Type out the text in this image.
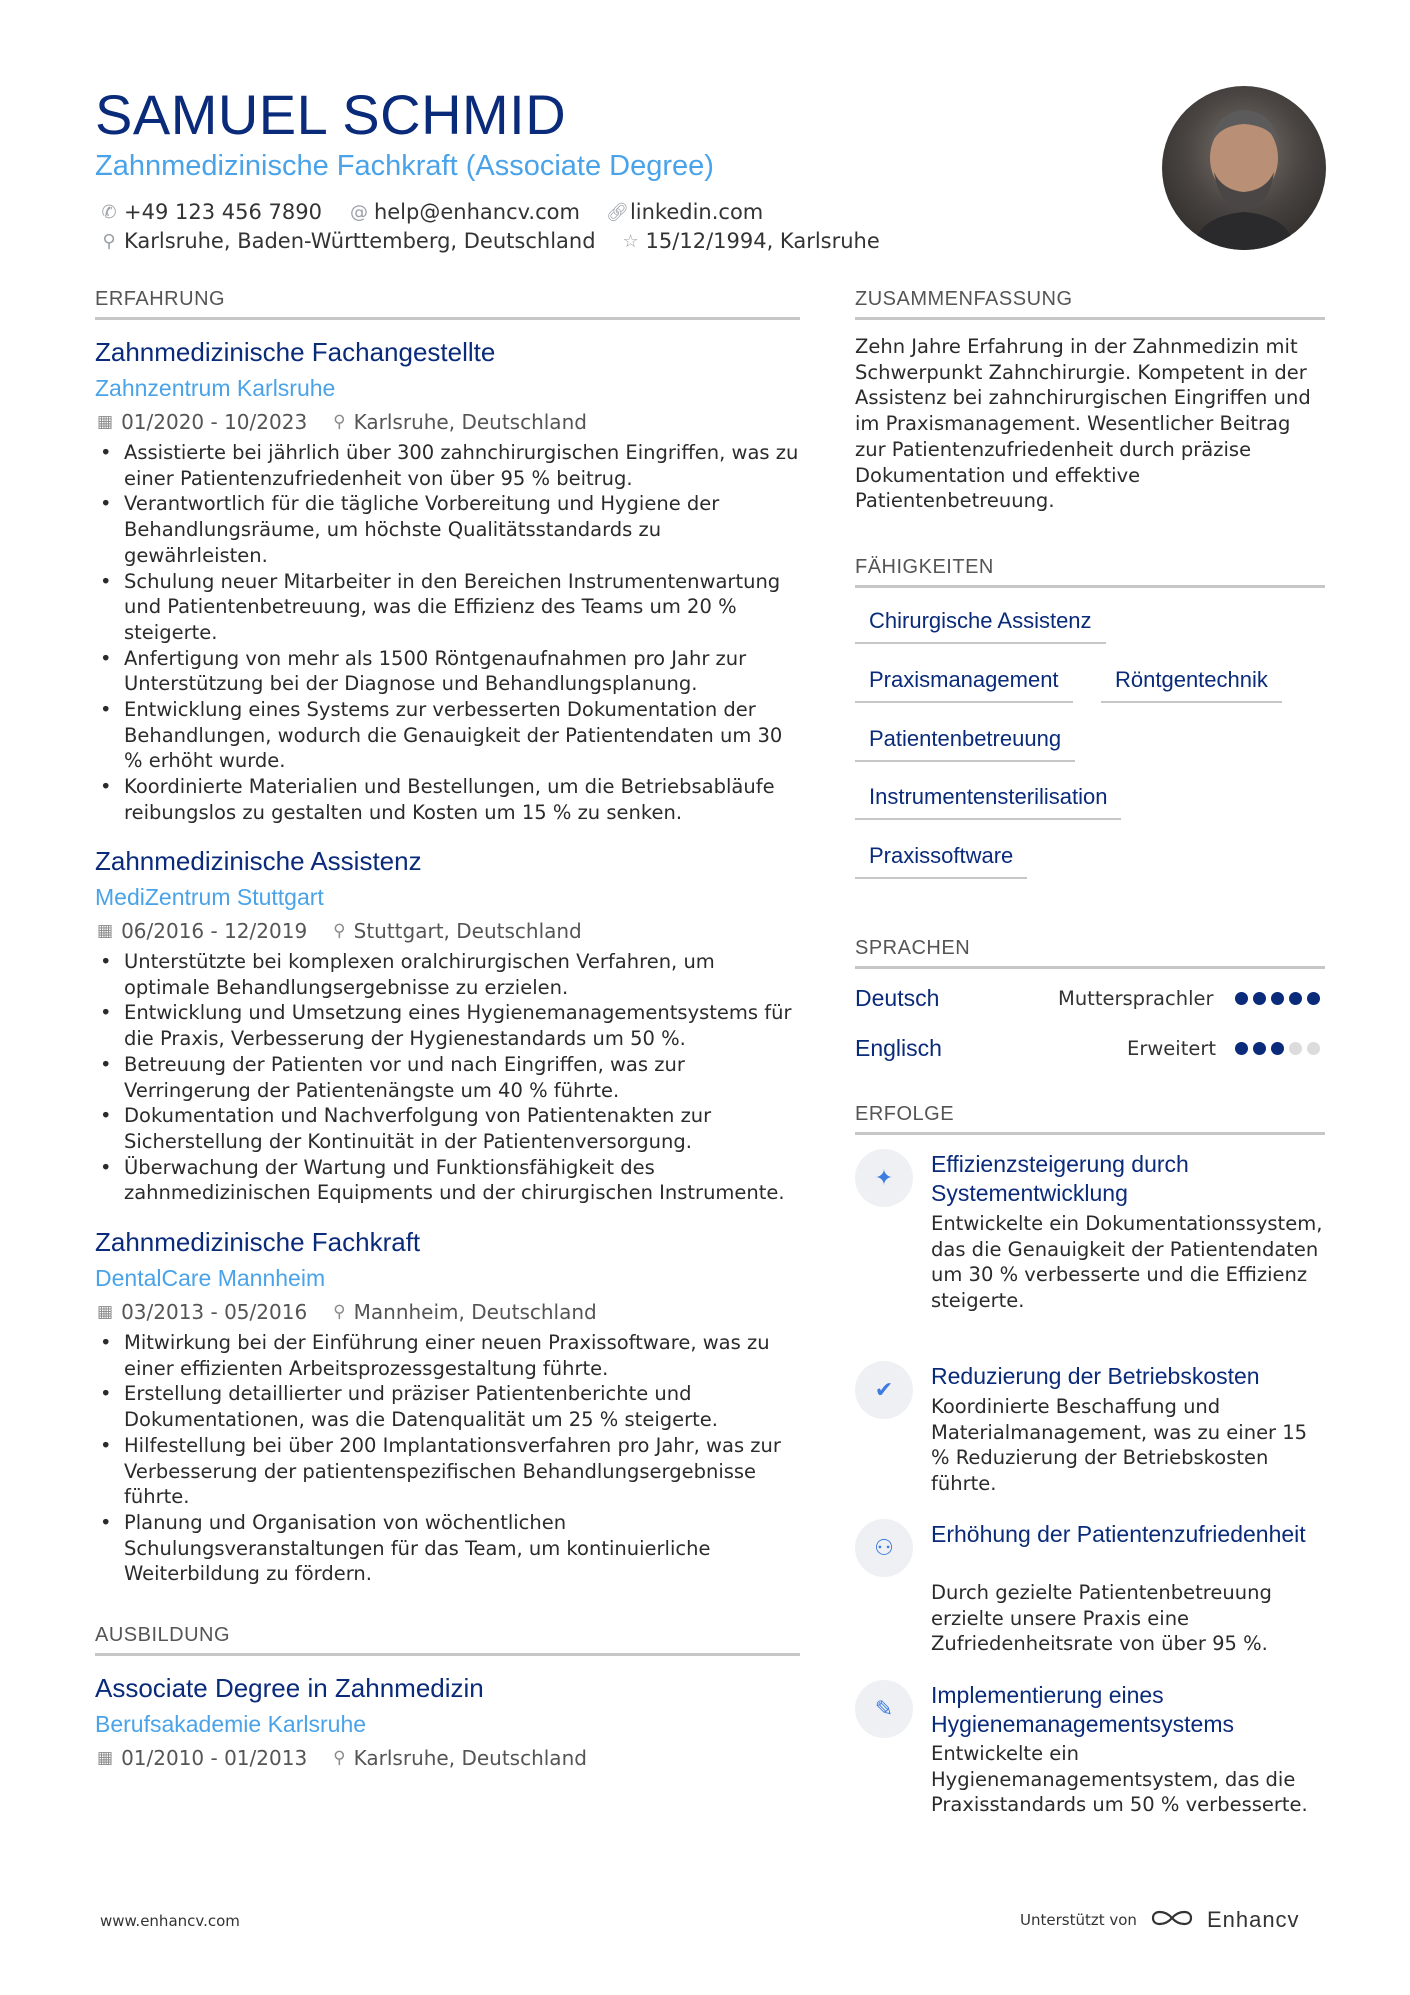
SAMUEL SCHMID
Zahnmedizinische Fachkraft (Associate Degree)
✆ +49 123 456 7890 @ help@enhancv.com 🔗︎ linkedin.com
⚲ Karlsruhe, Baden-Württemberg, Deutschland ☆ 15/12/1994, Karlsruhe
ERFAHRUNG
Zahnmedizinische Fachangestellte
Zahnzentrum Karlsruhe
▦ 01/2020 - 10/2023 ⚲ Karlsruhe, Deutschland
• Assistierte bei jährlich über 300 zahnchirurgischen Eingriffen, was zu einer Patientenzufriedenheit von über 95 % beitrug.
• Verantwortlich für die tägliche Vorbereitung und Hygiene der Behandlungsräume, um höchste Qualitätsstandards zu gewährleisten.
• Schulung neuer Mitarbeiter in den Bereichen Instrumentenwartung und Patientenbetreuung, was die Effizienz des Teams um 20 % steigerte.
• Anfertigung von mehr als 1500 Röntgenaufnahmen pro Jahr zur Unterstützung bei der Diagnose und Behandlungsplanung.
• Entwicklung eines Systems zur verbesserten Dokumentation der Behandlungen, wodurch die Genauigkeit der Patientendaten um 30 % erhöht wurde.
• Koordinierte Materialien und Bestellungen, um die Betriebsabläufe reibungslos zu gestalten und Kosten um 15 % zu senken.
Zahnmedizinische Assistenz
MediZentrum Stuttgart
▦ 06/2016 - 12/2019 ⚲ Stuttgart, Deutschland
• Unterstützte bei komplexen oralchirurgischen Verfahren, um optimale Behandlungsergebnisse zu erzielen.
• Entwicklung und Umsetzung eines Hygienemanagementsystems für die Praxis, Verbesserung der Hygienestandards um 50 %.
• Betreuung der Patienten vor und nach Eingriffen, was zur Verringerung der Patientenängste um 40 % führte.
• Dokumentation und Nachverfolgung von Patientenakten zur Sicherstellung der Kontinuität in der Patientenversorgung.
• Überwachung der Wartung und Funktionsfähigkeit des zahnmedizinischen Equipments und der chirurgischen Instrumente.
Zahnmedizinische Fachkraft
DentalCare Mannheim
▦ 03/2013 - 05/2016 ⚲ Mannheim, Deutschland
• Mitwirkung bei der Einführung einer neuen Praxissoftware, was zu einer effizienten Arbeitsprozessgestaltung führte.
• Erstellung detaillierter und präziser Patientenberichte und Dokumentationen, was die Datenqualität um 25 % steigerte.
• Hilfestellung bei über 200 Implantationsverfahren pro Jahr, was zur Verbesserung der patientenspezifischen Behandlungsergebnisse führte.
• Planung und Organisation von wöchentlichen Schulungsveranstaltungen für das Team, um kontinuierliche Weiterbildung zu fördern.
AUSBILDUNG
Associate Degree in Zahnmedizin
Berufsakademie Karlsruhe
▦ 01/2010 - 01/2013 ⚲ Karlsruhe, Deutschland
ZUSAMMENFASSUNG
Zehn Jahre Erfahrung in der Zahnmedizin mit Schwerpunkt Zahnchirurgie. Kompetent in der Assistenz bei zahnchirurgischen Eingriffen und im Praxismanagement. Wesentlicher Beitrag zur Patientenzufriedenheit durch präzise Dokumentation und effektive Patientenbetreuung.
FÄHIGKEITEN
Chirurgische Assistenz
Praxismanagement	Röntgentechnik
Patientenbetreuung
Instrumentensterilisation
Praxissoftware
SPRACHEN
Deutsch	Muttersprachler
Englisch	Erweitert
ERFOLGE
✦
Effizienzsteigerung durch Systementwicklung
Entwickelte ein Dokumentationssystem, das die Genauigkeit der Patientendaten um 30 % verbesserte und die Effizienz steigerte.
✔
Reduzierung der Betriebskosten
Koordinierte Beschaffung und Materialmanagement, was zu einer 15 % Reduzierung der Betriebskosten führte.
⚇
Erhöhung der Patientenzufriedenheit
Durch gezielte Patientenbetreuung erzielte unsere Praxis eine Zufriedenheitsrate von über 95 %.
✎
Implementierung eines Hygienemanagementsystems
Entwickelte ein Hygienemanagementsystem, das die Praxisstandards um 50 % verbesserte.
www.enhancv.com	Unterstützt von	Enhancv
